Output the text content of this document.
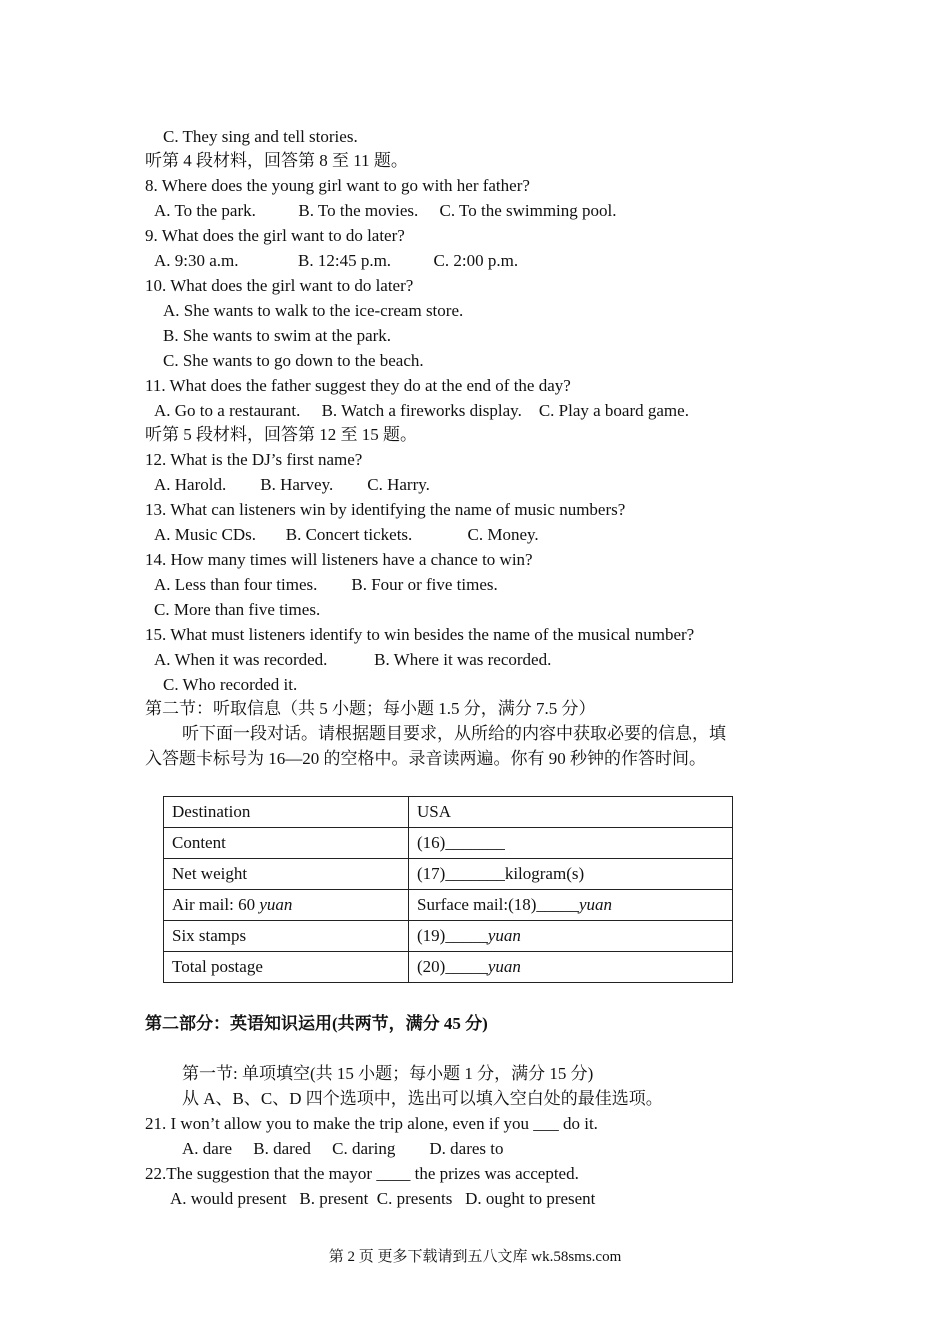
C. They sing and tell stories.
听第 4 段材料，回答第 8 至 11 题。
8. Where does the young girl want to go with her father?
A. To the park.          B. To the movies.     C. To the swimming pool.
9. What does the girl want to do later?
A. 9:30 a.m.              B. 12:45 p.m.          C. 2:00 p.m.
10. What does the girl want to do later?
A. She wants to walk to the ice-cream store.
B. She wants to swim at the park.
C. She wants to go down to the beach.
11. What does the father suggest they do at the end of the day?
A. Go to a restaurant.     B. Watch a fireworks display.    C. Play a board game.
听第 5 段材料，回答第 12 至 15 题。
12. What is the DJ’s first name?
A. Harold.        B. Harvey.        C. Harry.
13. What can listeners win by identifying the name of music numbers?
A. Music CDs.       B. Concert tickets.             C. Money.
14. How many times will listeners have a chance to win?
A. Less than four times.        B. Four or five times.
C. More than five times.
15. What must listeners identify to win besides the name of the musical number?
A. When it was recorded.           B. Where it was recorded.
C. Who recorded it.
第二节：听取信息（共 5 小题；每小题 1.5 分，满分 7.5 分）
听下面一段对话。请根据题目要求，从所给的内容中获取必要的信息，填
入答题卡标号为 16—20 的空格中。录音读两遍。你有 90 秒钟的作答时间。
Destination	USA
Content	(16)_______
Net weight	(17)_______kilogram(s)
Air mail: 60 yuan	Surface mail:(18)_____yuan
Six stamps	(19)_____yuan
Total postage	(20)_____yuan
第二部分：英语知识运用(共两节，满分 45 分)
第一节: 单项填空(共 15 小题；每小题 1 分，满分 15 分)
从 A、B、C、D 四个选项中，选出可以填入空白处的最佳选项。
21. I won’t allow you to make the trip alone, even if you ___ do it.
A. dare     B. dared     C. daring        D. dares to
22.The suggestion that the mayor ____ the prizes was accepted.
A. would present   B. present  C. presents   D. ought to present
第 2 页 更多下载请到五八文库 wk.58sms.com
